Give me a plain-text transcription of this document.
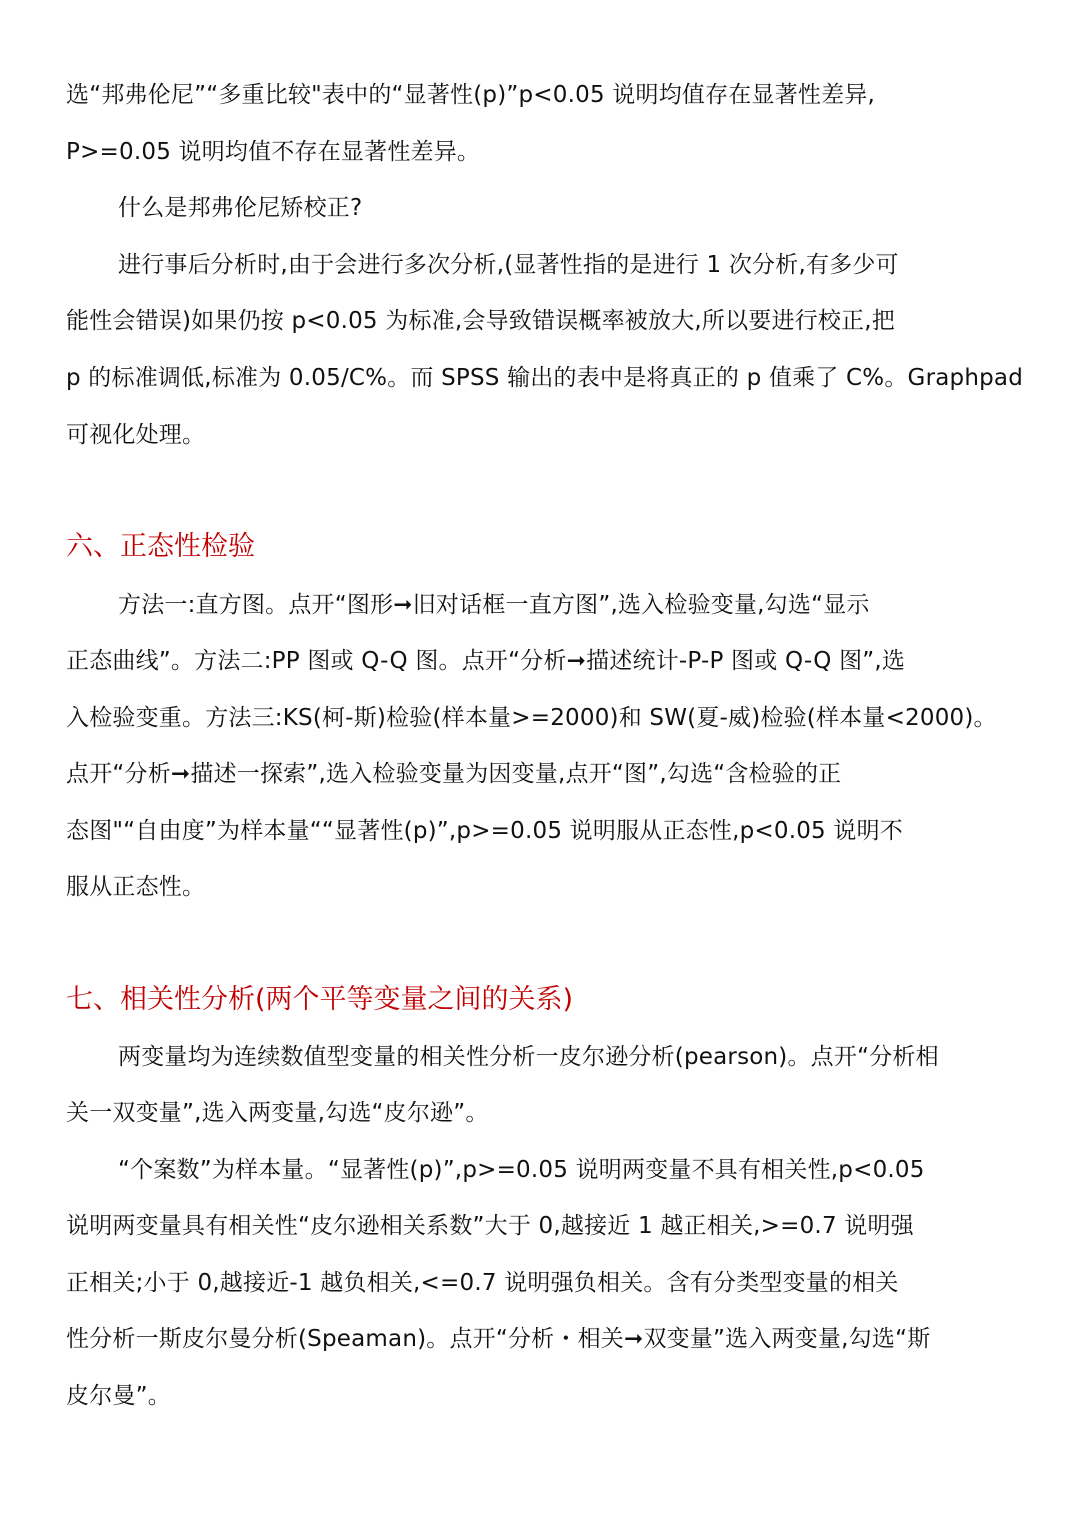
选“邦弗伦尼”“多重比较"表中的“显著性(p)”p<0.05 说明均值存在显著性差异,
P>=0.05 说明均值不存在显著性差异。
什么是邦弗伦尼矫校正?
进行事后分析时,由于会进行多次分析,(显著性指的是进行 1 次分析,有多少可
能性会错误)如果仍按 p<0.05 为标准,会导致错误概率被放大,所以要进行校正,把
p 的标准调低,标准为 0.05/C%。而 SPSS 输出的表中是将真正的 p 值乘了 C%。Graphpad
可视化处理。
六、正态性检验
方法一:直方图。点开“图形➞旧对话框一直方图”,选入检验变量,勾选“显示
正态曲线”。方法二:PP 图或 Q-Q 图。点开“分析➞描述统计-P-P 图或 Q-Q 图”,选
入检验变重。方法三:KS(柯-斯)检验(样本量>=2000)和 SW(夏-威)检验(样本量<2000)。
点开“分析➞描述一探索”,选入检验变量为因变量,点开“图”,勾选“含检验的正
态图"“自由度”为样本量““显著性(p)”,p>=0.05 说明服从正态性,p<0.05 说明不
服从正态性。
七、相关性分析(两个平等变量之间的关系)
两变量均为连续数值型变量的相关性分析一皮尔逊分析(pearson)。点开“分析相
关一双变量”,选入两变量,勾选“皮尔逊”。
“个案数”为样本量。“显著性(p)”,p>=0.05 说明两变量不具有相关性,p<0.05
说明两变量具有相关性“皮尔逊相关系数”大于 0,越接近 1 越正相关,>=0.7 说明强
正相关;小于 0,越接近-1 越负相关,<=0.7 说明强负相关。含有分类型变量的相关
性分析一斯皮尔曼分析(Speaman)。点开“分析・相关➞双变量”选入两变量,勾选“斯
皮尔曼”。
